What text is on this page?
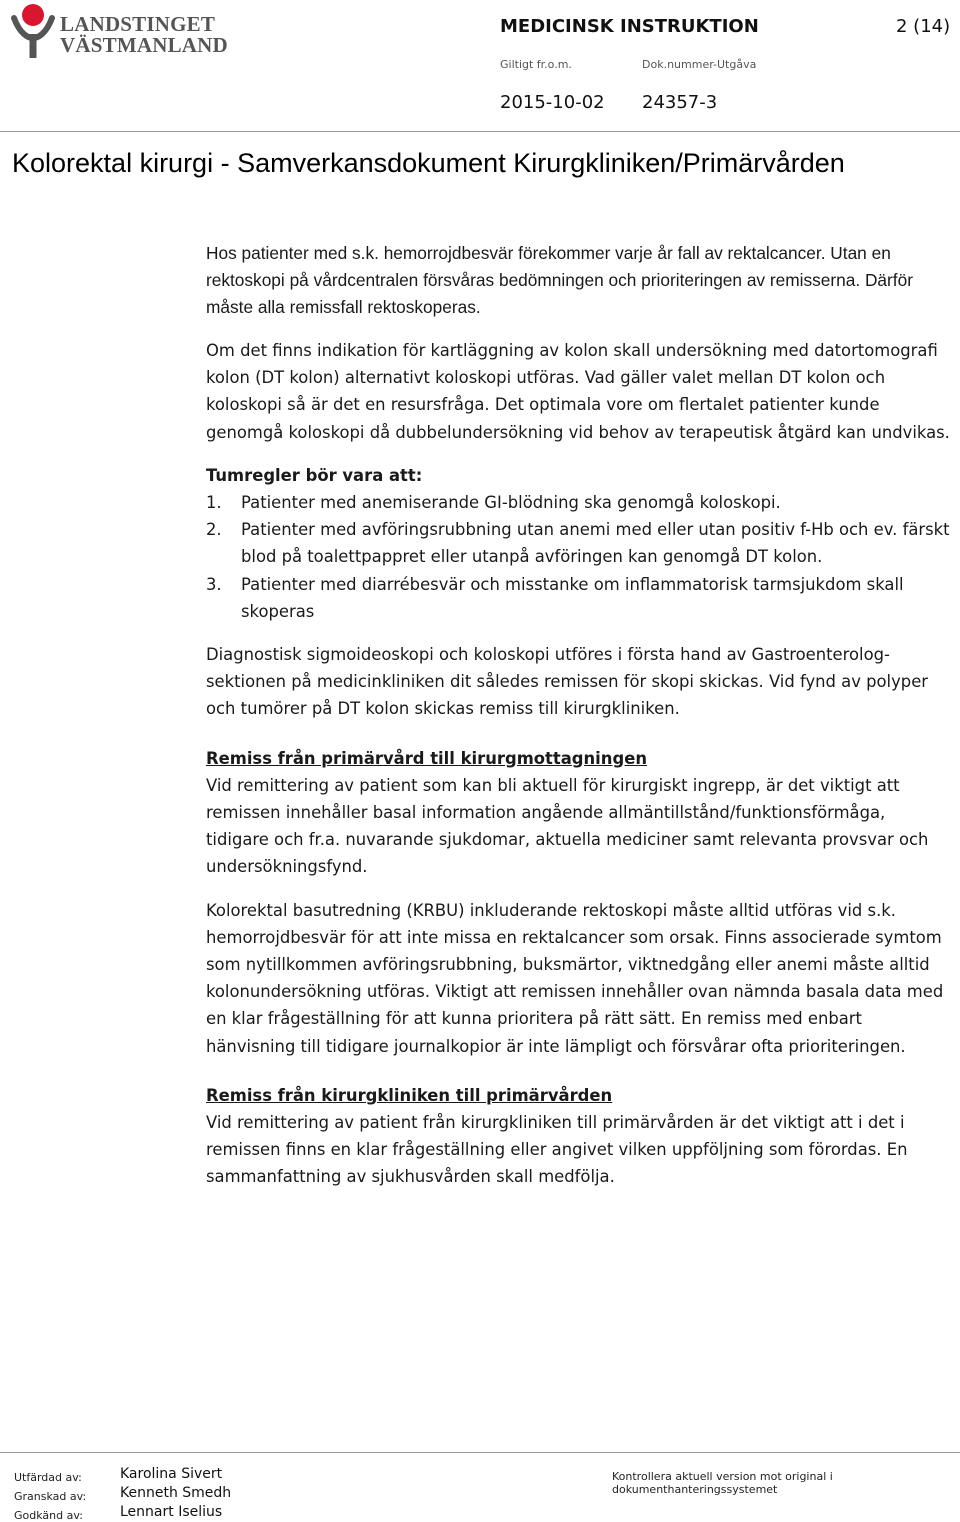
LANDSTINGET
VÄSTMANLAND
MEDICINSK INSTRUKTION	2 (14)
Giltigt fr.o.m.	Dok.nummer-Utgåva
2015-10-02 24357-3
Kolorektal kirurgi - Samverkansdokument Kirurgkliniken/Primärvården

Hos patienter med s.k. hemorrojdbesvär förekommer varje år fall av rektalcancer. Utan en rektoskopi på vårdcentralen försvåras bedömningen och prioriteringen av remisserna. Därför måste alla remissfall rektoskoperas.

Om det finns indikation för kartläggning av kolon skall undersökning med datortomografi kolon (DT kolon) alternativt koloskopi utföras. Vad gäller valet mellan DT kolon och koloskopi så är det en resursfråga. Det optimala vore om flertalet patienter kunde genomgå koloskopi då dubbelundersökning vid behov av terapeutisk åtgärd kan undvikas.

Tumregler bör vara att:

1. Patienter med anemiserande GI-blödning ska genomgå koloskopi.
2. Patienter med avföringsrubbning utan anemi med eller utan positiv f-Hb och ev. färskt blod på toalettpappret eller utanpå avföringen kan genomgå DT kolon.
3. Patienter med diarrébesvär och misstanke om inflammatorisk tarmsjukdom skall skoperas

Diagnostisk sigmoideoskopi och koloskopi utföres i första hand av Gastroenterolog-sektionen på medicinkliniken dit således remissen för skopi skickas. Vid fynd av polyper och tumörer på DT kolon skickas remiss till kirurgkliniken.

Remiss från primärvård till kirurgmottagningen

Vid remittering av patient som kan bli aktuell för kirurgiskt ingrepp, är det viktigt att remissen innehåller basal information angående allmäntillstånd/funktionsförmåga, tidigare och fr.a. nuvarande sjukdomar, aktuella mediciner samt relevanta provsvar och undersökningsfynd.

Kolorektal basutredning (KRBU) inkluderande rektoskopi måste alltid utföras vid s.k. hemorrojdbesvär för att inte missa en rektalcancer som orsak. Finns associerade symtom som nytillkommen avföringsrubbning, buksmärtor, viktnedgång eller anemi måste alltid kolonundersökning utföras. Viktigt att remissen innehåller ovan nämnda basala data med en klar frågeställning för att kunna prioritera på rätt sätt. En remiss med enbart hänvisning till tidigare journalkopior är inte lämpligt och försvårar ofta prioriteringen.

Remiss från kirurgkliniken till primärvården

Vid remittering av patient från kirurgkliniken till primärvården är det viktigt att i det i remissen finns en klar frågeställning eller angivet vilken uppföljning som förordas. En sammanfattning av sjukhusvården skall medfölja.

Utfärdad av:	Karolina Sivert
Granskad av: Kenneth Smedh
Godkänd av:	Lennart Iselius
Kontrollera aktuell version mot original i dokumenthanteringssystemet
